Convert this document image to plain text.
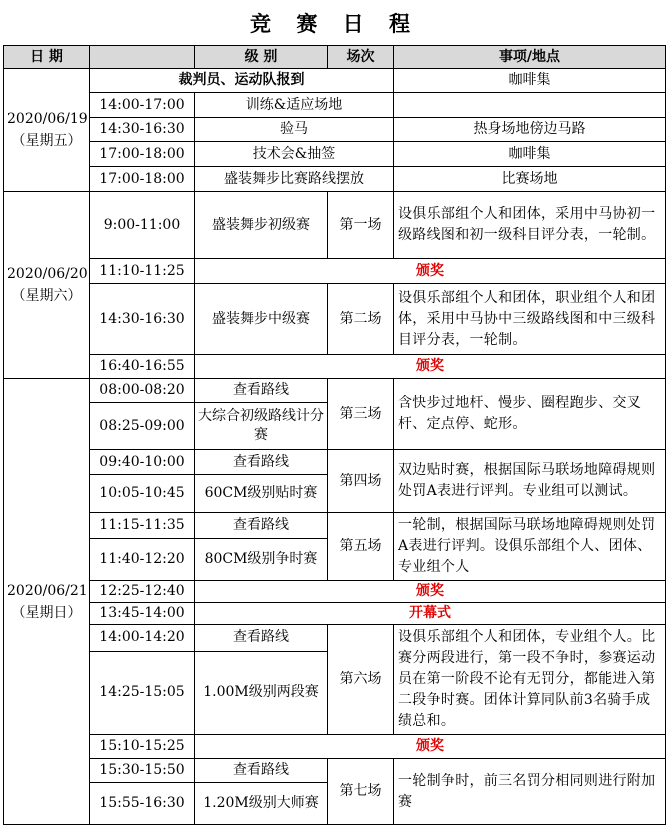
竞 赛 日 程
日 期		级 别	场次	事项/地点
2020/06/19（星期五）	裁判员、运动队报到			咖啡集
	14:00-17:00	训练&适应场地		
	14:30-16:30	验马		热身场地傍边马路
	17:00-18:00	技术会&抽签		咖啡集
	17:00-18:00	盛装舞步比赛路线摆放		比赛场地
2020/06/20（星期六）	9:00-11:00	盛装舞步初级赛	第一场	设俱乐部组个人和团体，采用中马协初一级路线图和初一级科目评分表，一轮制。
	11:10-11:25	颁奖		
	14:30-16:30	盛装舞步中级赛	第二场	设俱乐部组个人和团体，职业组个人和团体，采用中马协中三级路线图和中三级科目评分表，一轮制。
	16:40-16:55	颁奖		
2020/06/21（星期日）	08:00-08:20	查看路线	第三场	含快步过地杆、慢步、圈程跑步、交叉杆、定点停、蛇形。
	08:25-09:00	大综合初级路线计分赛		
	09:40-10:00	查看路线	第四场	双边贴时赛，根据国际马联场地障碍规则处罚A表进行评判。专业组可以测试。
	10:05-10:45	60CM级别贴时赛		
	11:15-11:35	查看路线	第五场	一轮制，根据国际马联场地障碍规则处罚A表进行评判。设俱乐部组个人、团体、专业组个人
	11:40-12:20	80CM级别争时赛		
	12:25-12:40	颁奖		
	13:45-14:00	开幕式		
	14:00-14:20	查看路线	第六场	设俱乐部组个人和团体，专业组个人。比赛分两段进行，第一段不争时，参赛运动员在第一阶段不论有无罚分，都能进入第二段争时赛。团体计算同队前3名骑手成绩总和。
	14:25-15:05	1.00M级别两段赛		
	15:10-15:25	颁奖		
	15:30-15:50	查看路线	第七场	一轮制争时，前三名罚分相同则进行附加赛
	15:55-16:30	1.20M级别大师赛		
